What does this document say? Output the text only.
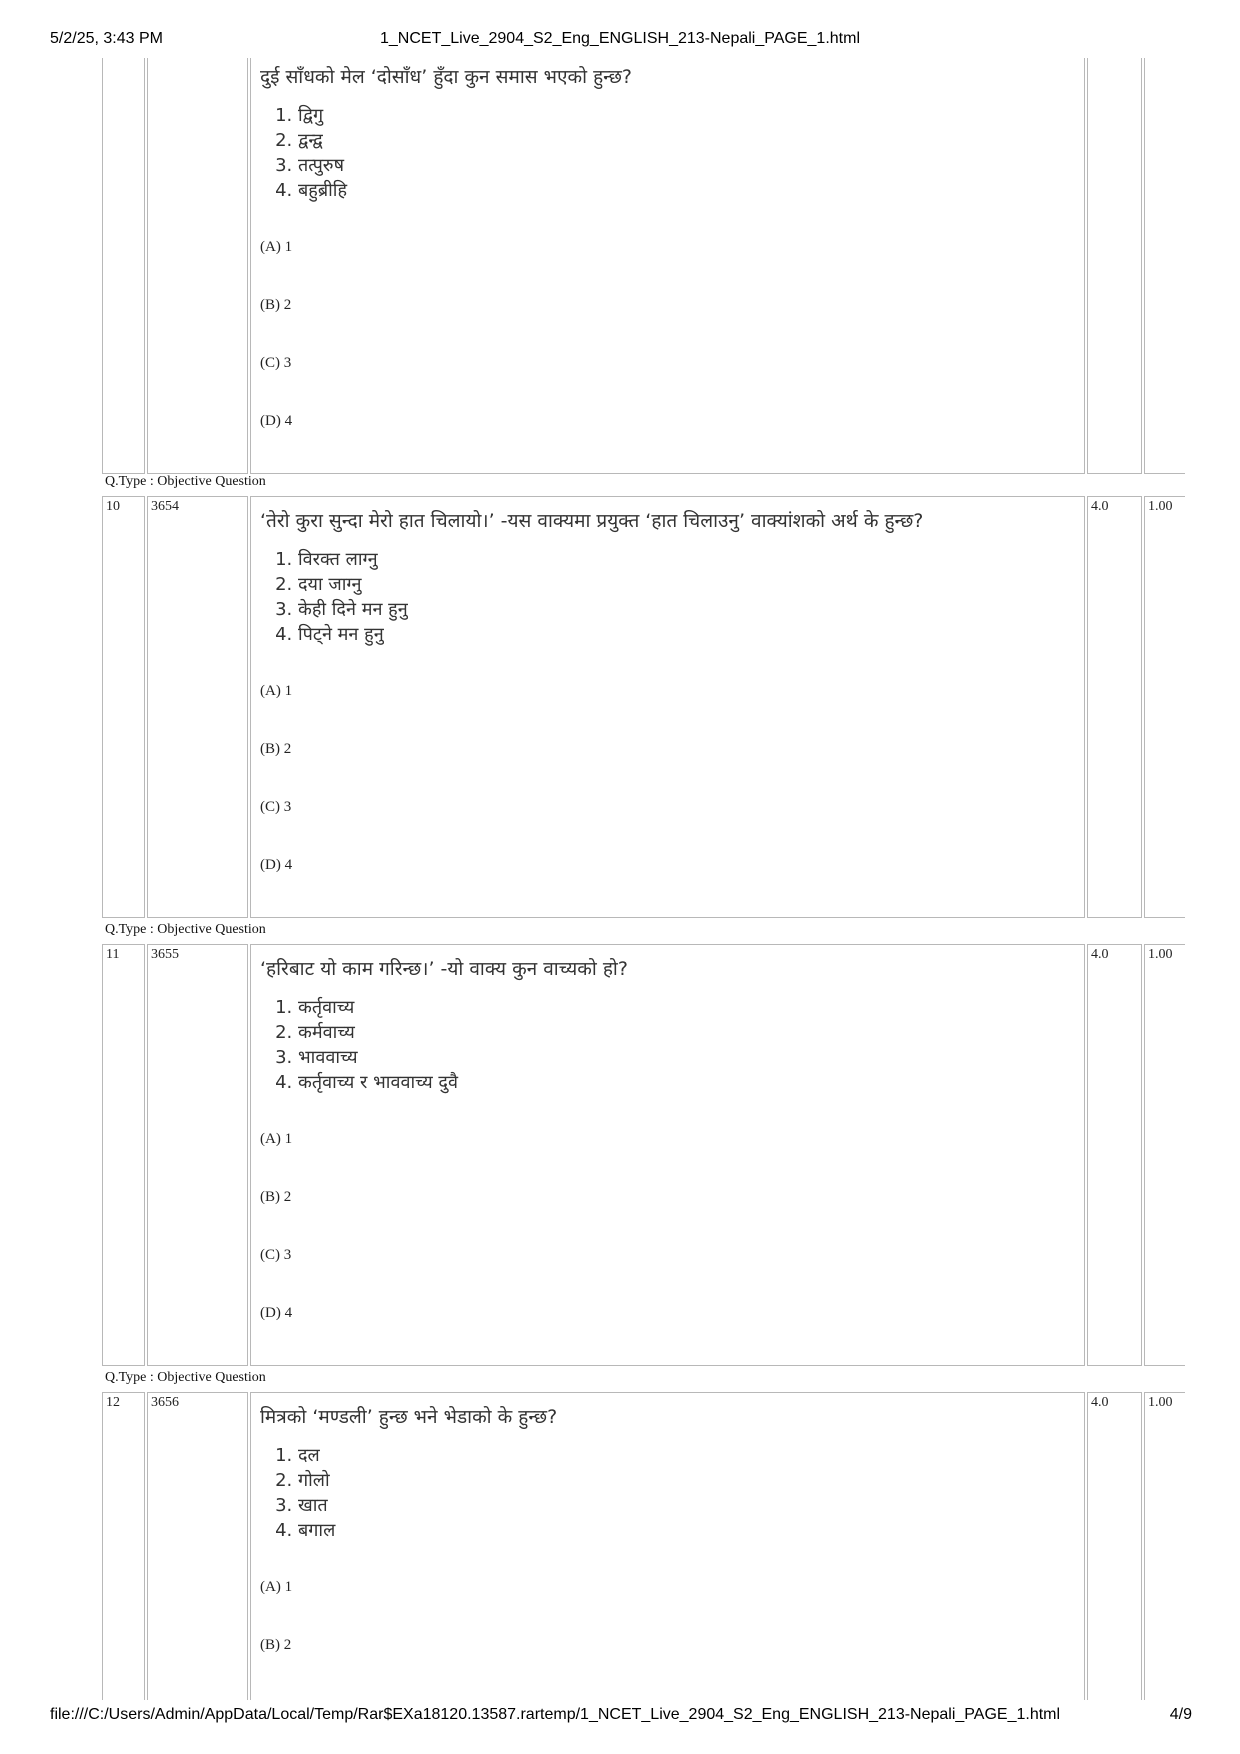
5/2/25, 3:43 PM	1_NCET_Live_2904_S2_Eng_ENGLISH_213-Nepali_PAGE_1.html

दुई साँधको मेल ‘दोसाँध’ हुँदा कुन समास भएको हुन्छ?
1. द्विगु
2. द्वन्द्व
3. तत्पुरुष
4. बहुब्रीहि
(A) 1
(B) 2
(C) 3
(D) 4

Q.Type : Objective Question
10	3654	
‘तेरो कुरा सुन्दा मेरो हात चिलायो।’ -यस वाक्यमा प्रयुक्त ‘हात चिलाउनु’ वाक्यांशको अर्थ के हुन्छ?
1. विरक्त लाग्नु
2. दया जाग्नु
3. केही दिने मन हुनु
4. पिट्ने मन हुनु
(A) 1
(B) 2
(C) 3
(D) 4
	4.0	1.00
Q.Type : Objective Question
11	3655	
‘हरिबाट यो काम गरिन्छ।’ -यो वाक्य कुन वाच्यको हो?
1. कर्तृवाच्य
2. कर्मवाच्य
3. भाववाच्य
4. कर्तृवाच्य र भाववाच्य दुवै
(A) 1
(B) 2
(C) 3
(D) 4
	4.0	1.00
Q.Type : Objective Question
12	3656	
मित्रको ‘मण्डली’ हुन्छ भने भेडाको के हुन्छ?
1. दल
2. गोलो
3. खात
4. बगाल
(A) 1
(B) 2
	4.0	1.00
file:///C:/Users/Admin/AppData/Local/Temp/Rar$EXa18120.13587.rartemp/1_NCET_Live_2904_S2_Eng_ENGLISH_213-Nepali_PAGE_1.html	4/9
